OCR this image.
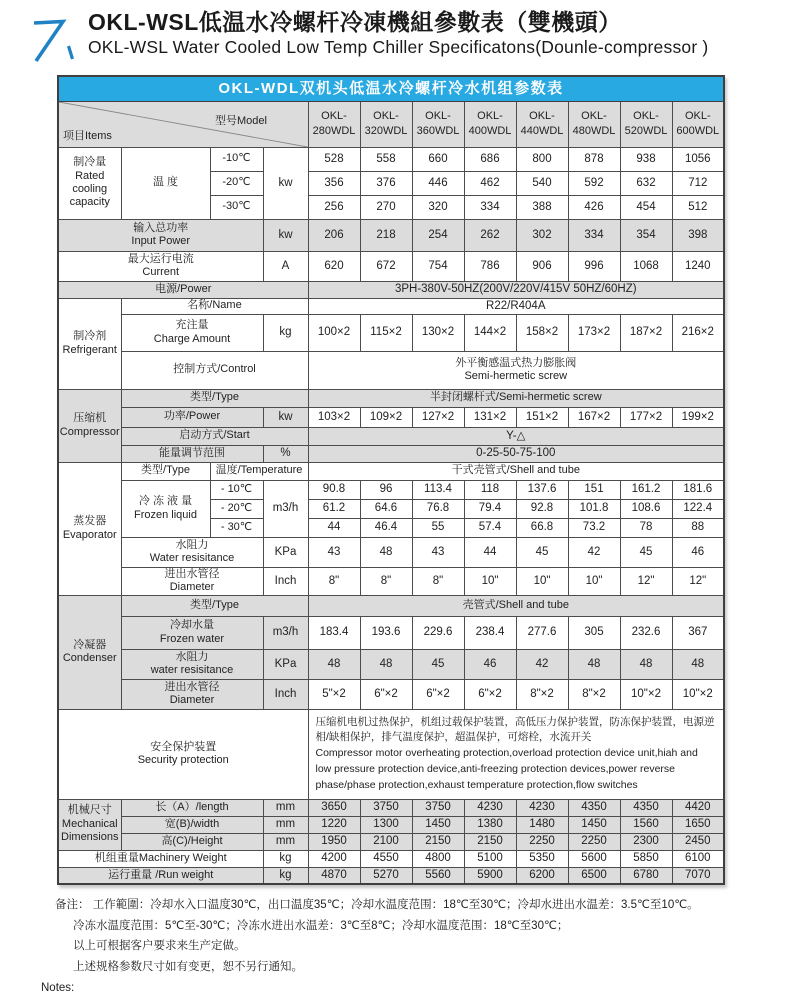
OKL-WSL低温水冷螺杆冷凍機組參數表（雙機頭）

OKL-WSL Water Cooled Low Temp Chiller Specificatons(Dounle-compressor )

OKL-WDL双机头低温水冷螺杆冷水机组参数表											

项目Items
型号Model				OKL-280WDL	OKL-320WDL	OKL-360WDL	OKL-400WDL	OKL-440WDL	OKL-480WDL	OKL-520WDL	OKL-600WDL

制冷量
Rated cooling capacity	温 度	-10℃	kw	528	558	660	686	800	878	938	1056
		-20℃		356	376	446	462	540	592	632	712
		-30℃		256	270	320	334	388	426	454	512

输入总功率
Input Power			kw	206	218	254	262	302	334	354	398

最大运行电流
Current			A	620	672	754	786	906	996	1068	1240
电源/Power				3PH-380V-50HZ(200V/220V/415V 50HZ/60HZ)							

制冷剂
Refrigerant	名称/Name			R22/R404A							

	充注量
Charge Amount		kg	100×2	115×2	130×2	144×2	158×2	173×2	187×2	216×2
	控制方式/Control			外平衡感温式热力膨胀阀
Semi-hermetic screw							

压缩机
Compressor	类型/Type			半封闭螺杆式/Semi-hermetic screw							
	功率/Power		kw	103×2	109×2	127×2	131×2	151×2	167×2	177×2	199×2
	启动方式/Start			Y-△							
	能量调节范围		%	0-25-50-75-100							

蒸发器
Evaporator	类型/Type	温度/Temperature		干式壳管式/Shell and tube							

	冷 冻 液 量
Frozen liquid	- 10℃	m3/h	90.8	96	113.4	118	137.6	151	161.2	181.6
		- 20℃		61.2	64.6	76.8	79.4	92.8	101.8	108.6	122.4
		- 30℃		44	46.4	55	57.4	66.8	73.2	78	88

	水阻力
Water resisitance		KPa	43	48	43	44	45	42	45	46

	进出水管径
Diameter		Inch	8"	8"	8"	10"	10"	10"	12"	12"

冷凝器
Condenser	类型/Type			壳管式/Shell and tube							

	冷却水量
Frozen water		m3/h	183.4	193.6	229.6	238.4	277.6	305	232.6	367

	水阻力
water resisitance		KPa	48	48	45	46	42	48	48	48

	进出水管径
Diameter		Inch	5"×2	6"×2	6"×2	6"×2	8"×2	8"×2	10"×2	10"×2

安全保护装置
Security protection

压缩机电机过热保护，机组过载保护装置，高低压力保护装置，防冻保护装置，电源逆相/缺相保护，排气温度保护，超温保护，可熔栓，水流开关

Compressor motor overheating protection,overload protection device unit,hiah and low pressure protection device,anti-freezing protection devices,power reverse phase/phase protection,exhaust temperature protection,flow switches

机械尺寸
Mechanical Dimensions	长（A）/length		mm	3650	3750	3750	4230	4230	4350	4350	4420
	宽(B)/width		mm	1220	1300	1450	1380	1480	1450	1560	1650
	高(C)/Height		mm	1950	2100	2150	2150	2250	2250	2300	2450
机组重量Machinery Weight			kg	4200	4550	4800	5100	5350	5600	5850	6100
运行重量 /Run weight			kg	4870	5270	5560	5900	6200	6500	6780	7070

备注： 工作範圍：冷却水入口温度30℃，出口温度35℃；冷却水温度范围：18℃至30℃；冷却水进出水温差：3.5℃至10℃。

冷冻水温度范围：5℃至-30℃；冷冻水进出水温差：3℃至8℃；冷却水温度范围：18℃至30℃；

以上可根据客户要求来生产定做。

上述规格参数尺寸如有变更，恕不另行通知。

Notes:
